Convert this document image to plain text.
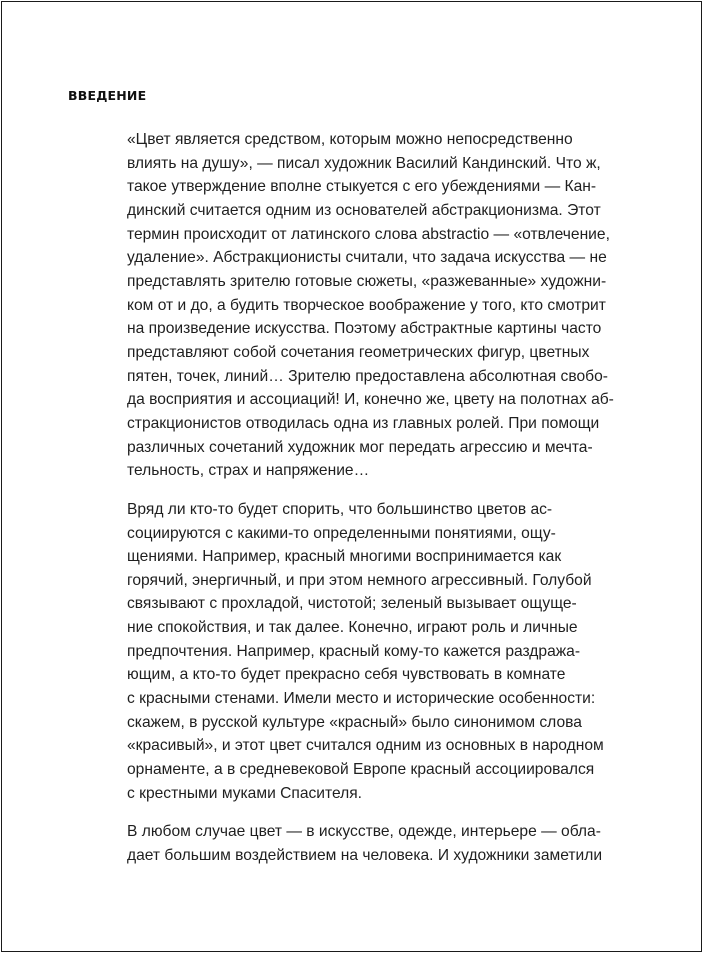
ВВЕДЕНИЕ

«Цвет является средством, которым можно непосредственно
влиять на душу», — писал художник Василий Кандинский. Что ж,
такое утверждение вполне стыкуется с его убеждениями — Кан-
динский считается одним из основателей абстракционизма. Этот
термин происходит от латинского слова abstractio — «отвлечение,
удаление». Абстракционисты считали, что задача искусства — не
представлять зрителю готовые сюжеты, «разжеванные» художни-
ком от и до, а будить творческое воображение у того, кто смотрит
на произведение искусства. Поэтому абстрактные картины часто
представляют собой сочетания геометрических фигур, цветных
пятен, точек, линий… Зрителю предоставлена абсолютная свобо-
да восприятия и ассоциаций! И, конечно же, цвету на полотнах аб-
стракционистов отводилась одна из главных ролей. При помощи
различных сочетаний художник мог передать агрессию и мечта-
тельность, страх и напряжение…

Вряд ли кто-то будет спорить, что большинство цветов ас-
социируются с какими-то определенными понятиями, ощу-
щениями. Например, красный многими воспринимается как
горячий, энергичный, и при этом немного агрессивный. Голубой
связывают с прохладой, чистотой; зеленый вызывает ощуще-
ние спокойствия, и так далее. Конечно, играют роль и личные
предпочтения. Например, красный кому-то кажется раздража-
ющим, а кто-то будет прекрасно себя чувствовать в комнате
с красными стенами. Имели место и исторические особенности:
скажем, в русской культуре «красный» было синонимом слова
«красивый», и этот цвет считался одним из основных в народном
орнаменте, а в средневековой Европе красный ассоциировался
с крестными муками Спасителя.

В любом случае цвет — в искусстве, одежде, интерьере — обла-
дает большим воздействием на человека. И художники заметили
